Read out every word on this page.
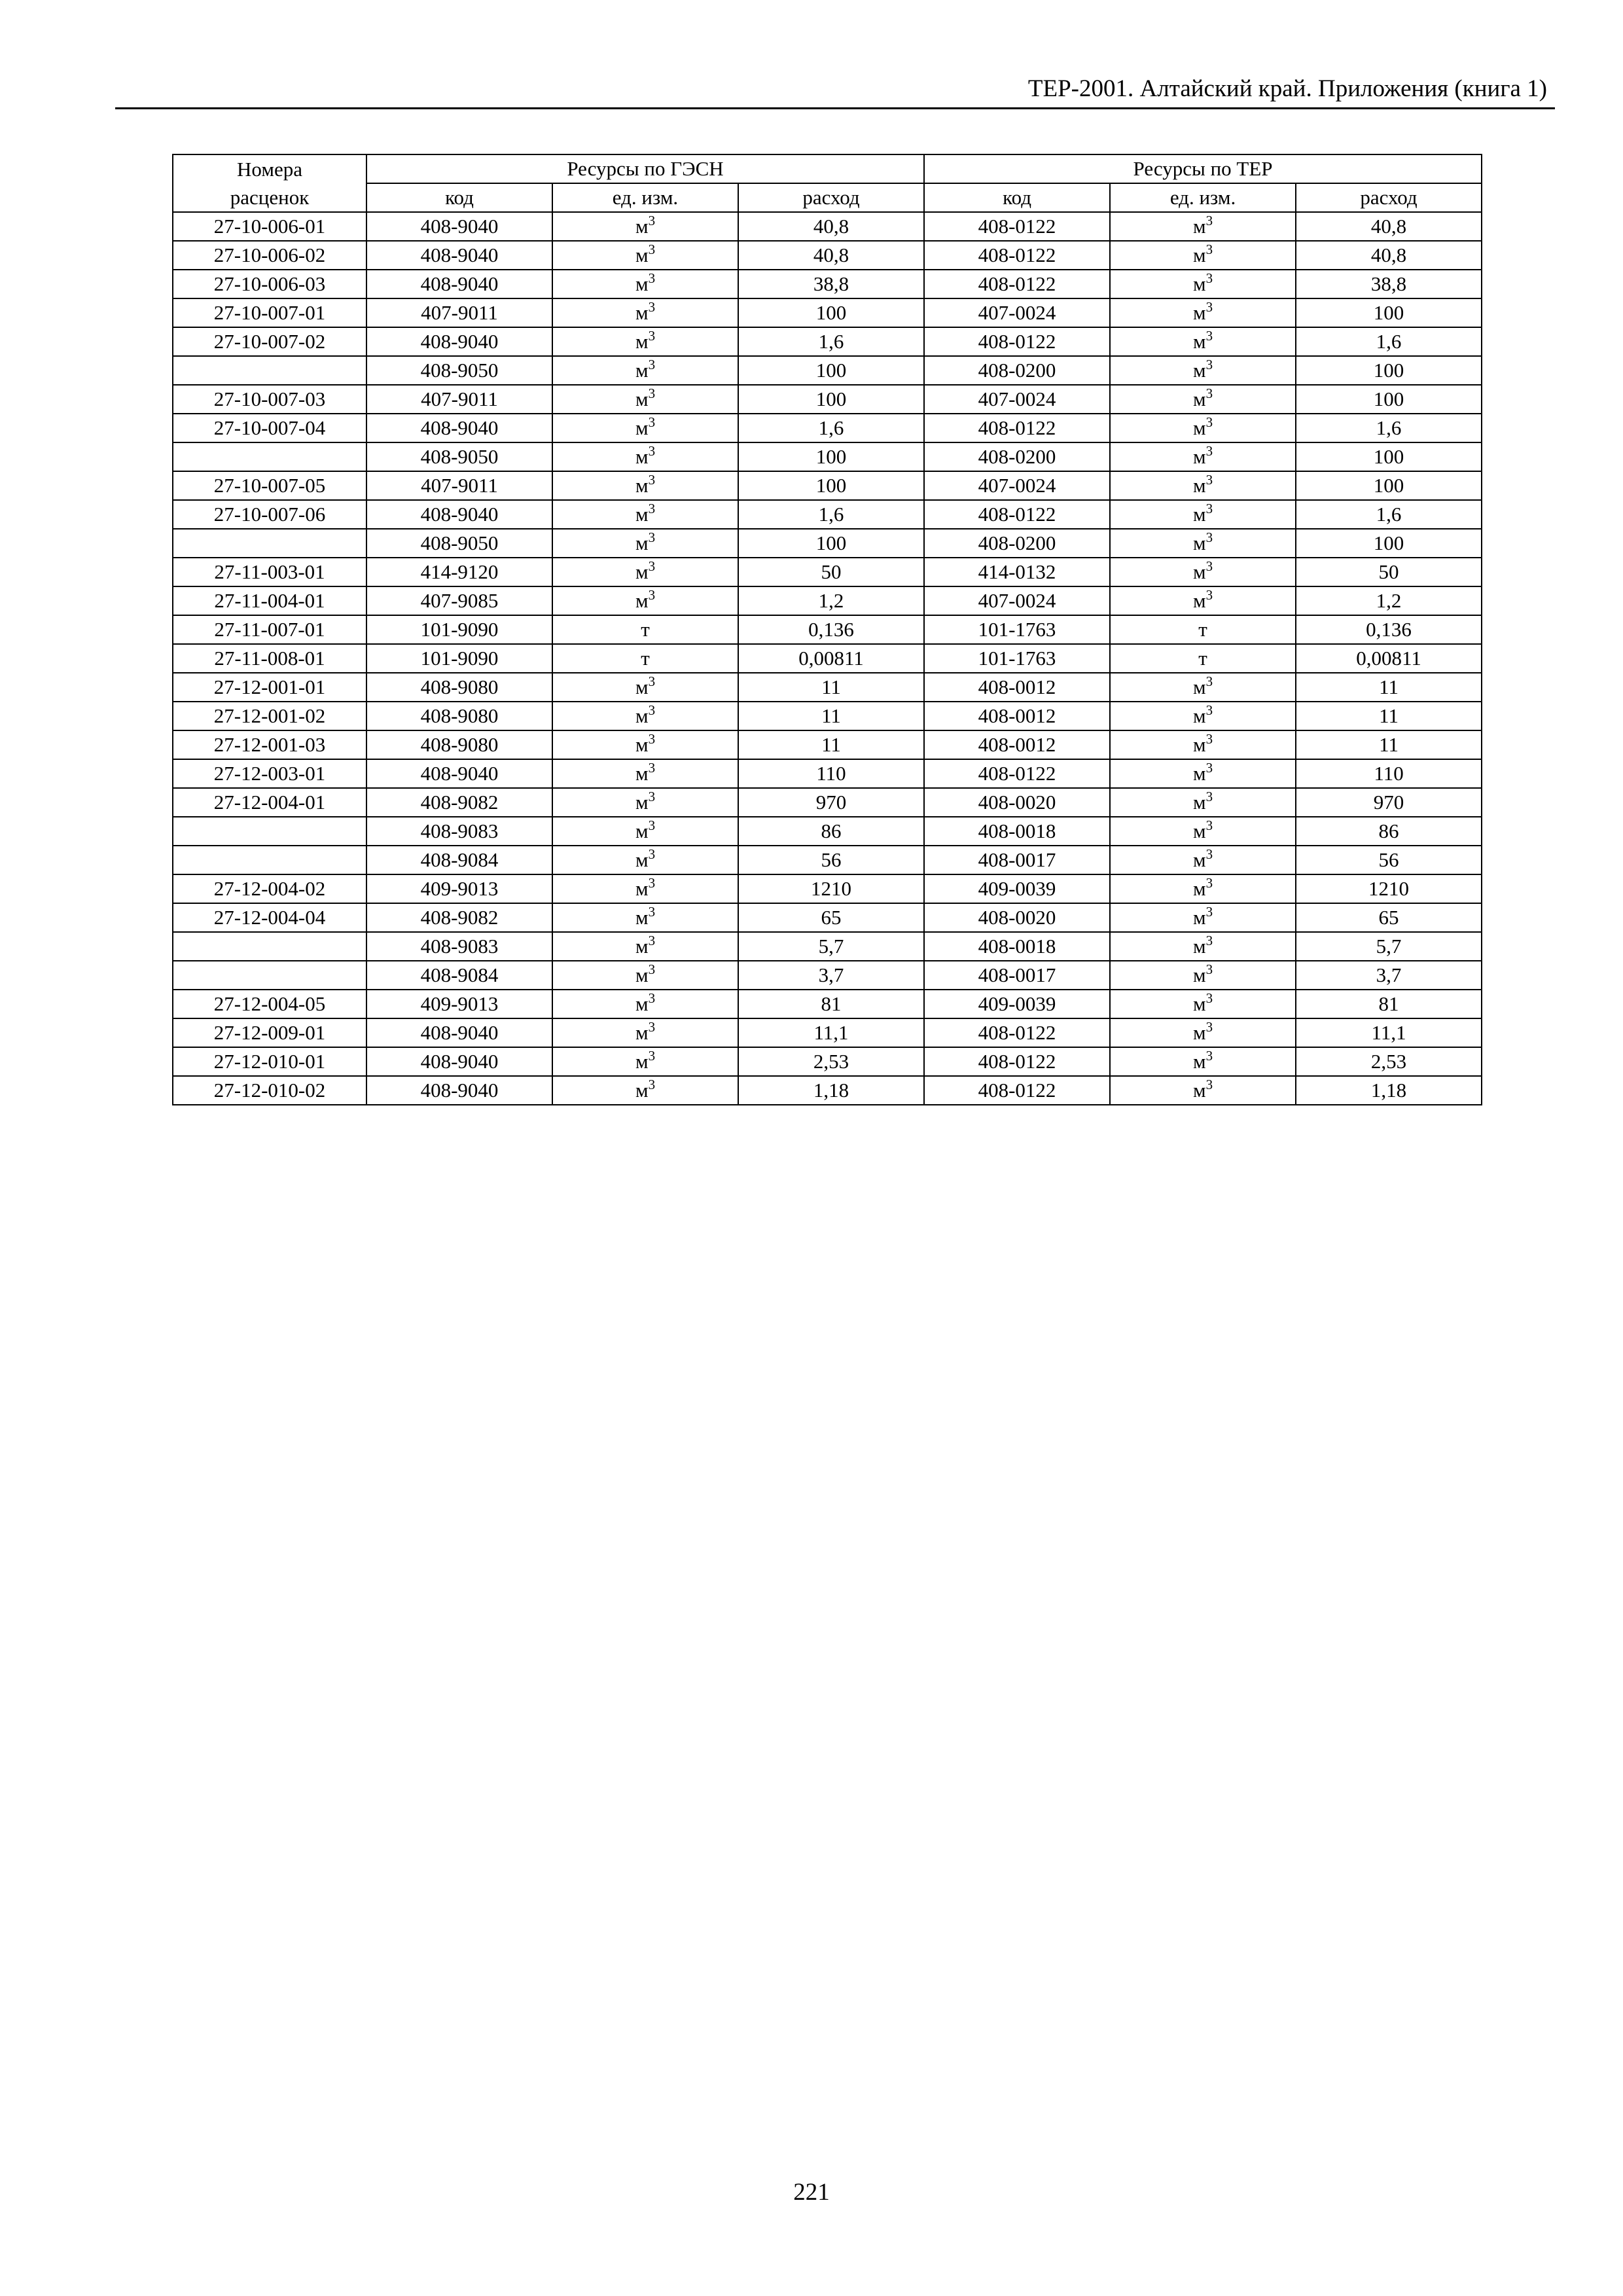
ТЕР-2001. Алтайский край. Приложения (книга 1)
Номера	Ресурсы по ГЭСН			Ресурсы по ТЕР		
расценок	код	ед. изм.	расход	код	ед. изм.	расход
27-10-006-01	408-9040	$м^3$	40,8	408-0122	$м^3$	40,8
27-10-006-02	408-9040	$м^3$	40,8	408-0122	$м^3$	40,8
27-10-006-03	408-9040	$м^3$	38,8	408-0122	$м^3$	38,8
27-10-007-01	407-9011	$м^3$	100	407-0024	$м^3$	100
27-10-007-02	408-9040	$м^3$	1,6	408-0122	$м^3$	1,6
	408-9050	$м^3$	100	408-0200	$м^3$	100
27-10-007-03	407-9011	$м^3$	100	407-0024	$м^3$	100
27-10-007-04	408-9040	$м^3$	1,6	408-0122	$м^3$	1,6
	408-9050	$м^3$	100	408-0200	$м^3$	100
27-10-007-05	407-9011	$м^3$	100	407-0024	$м^3$	100
27-10-007-06	408-9040	$м^3$	1,6	408-0122	$м^3$	1,6
	408-9050	$м^3$	100	408-0200	$м^3$	100
27-11-003-01	414-9120	$м^3$	50	414-0132	$м^3$	50
27-11-004-01	407-9085	$м^3$	1,2	407-0024	$м^3$	1,2
27-11-007-01	101-9090	т	0,136	101-1763	т	0,136
27-11-008-01	101-9090	т	0,00811	101-1763	т	0,00811
27-12-001-01	408-9080	$м^3$	11	408-0012	$м^3$	11
27-12-001-02	408-9080	$м^3$	11	408-0012	$м^3$	11
27-12-001-03	408-9080	$м^3$	11	408-0012	$м^3$	11
27-12-003-01	408-9040	$м^3$	110	408-0122	$м^3$	110
27-12-004-01	408-9082	$м^3$	970	408-0020	$м^3$	970
	408-9083	$м^3$	86	408-0018	$м^3$	86
	408-9084	$м^3$	56	408-0017	$м^3$	56
27-12-004-02	409-9013	$м^3$	1210	409-0039	$м^3$	1210
27-12-004-04	408-9082	$м^3$	65	408-0020	$м^3$	65
	408-9083	$м^3$	5,7	408-0018	$м^3$	5,7
	408-9084	$м^3$	3,7	408-0017	$м^3$	3,7
27-12-004-05	409-9013	$м^3$	81	409-0039	$м^3$	81
27-12-009-01	408-9040	$м^3$	11,1	408-0122	$м^3$	11,1
27-12-010-01	408-9040	$м^3$	2,53	408-0122	$м^3$	2,53
27-12-010-02	408-9040	$м^3$	1,18	408-0122	$м^3$	1,18
221
